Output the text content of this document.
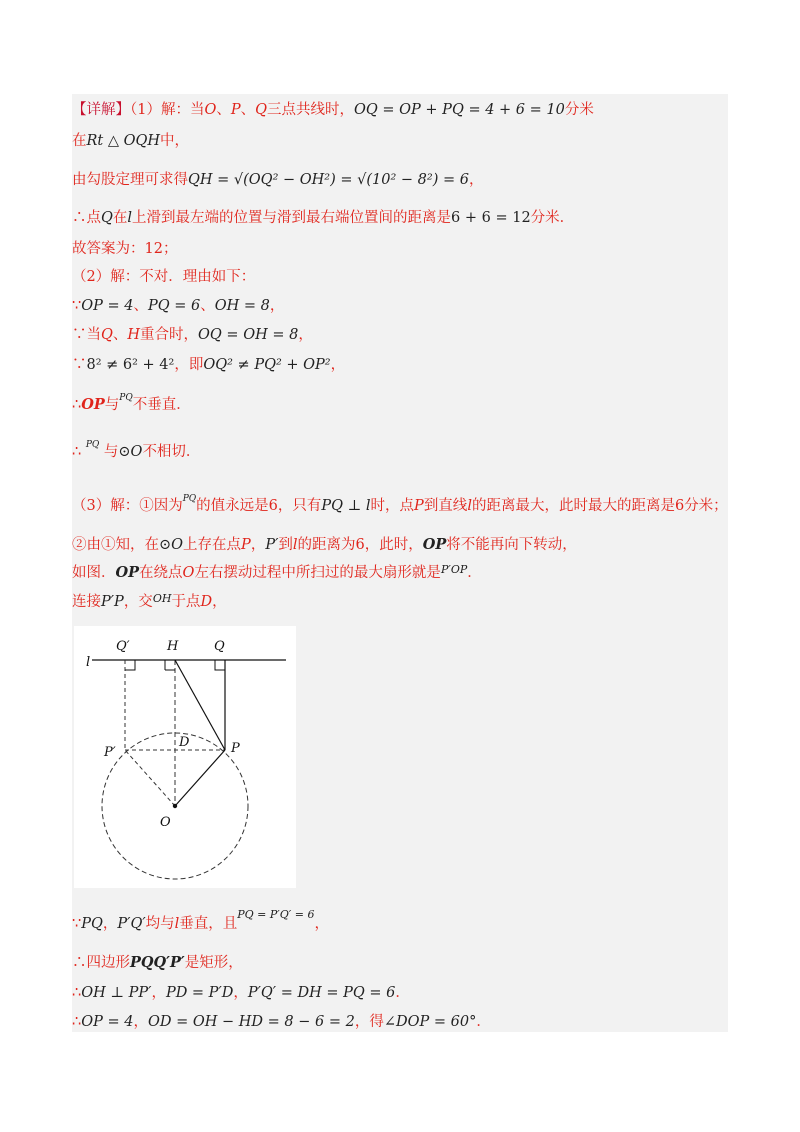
【详解】（1）解：当O、P、Q三点共线时，OQ = OP + PQ = 4 + 6 = 10分米
在Rt △ OQH中，
由勾股定理可求得QH = √(OQ² − OH²) = √(10² − 8²) = 6，
∴点Q在l上滑到最左端的位置与滑到最右端位置间的距离是6 + 6 = 12分米．
故答案为：12；
（2）解：不对．理由如下：
∵OP = 4、PQ = 6、OH = 8，
∵当Q、H重合时，OQ = OH = 8，
∵8² ≠ 6² + 4²，即OQ² ≠ PQ² + OP²，
∴OP与$^{PQ}$不垂直．
∴ $^{PQ}$ 与⊙O不相切．
（3）解：①因为$^{PQ}$的值永远是6，只有PQ ⊥ l时，点P到直线l的距离最大，此时最大的距离是6分米；
②由①知，在⊙O上存在点P，P′到l的距离为6，此时，OP将不能再向下转动，
如图．OP在绕点O左右摆动过程中所扫过的最大扇形就是$^{P'OP}$．
连接P′P，交$^{OH}$于点D，
l
Q′	H	Q
P′
D	P
O
∵PQ，P′Q′均与l垂直，且$^{PQ = P'Q' = 6}$，
∴四边形PQQ′P′是矩形，
∴OH ⊥ PP′，PD = P′D，P′Q′ = DH = PQ = 6．
∴OP = 4，OD = OH − HD = 8 − 6 = 2，得∠DOP = 60°．
